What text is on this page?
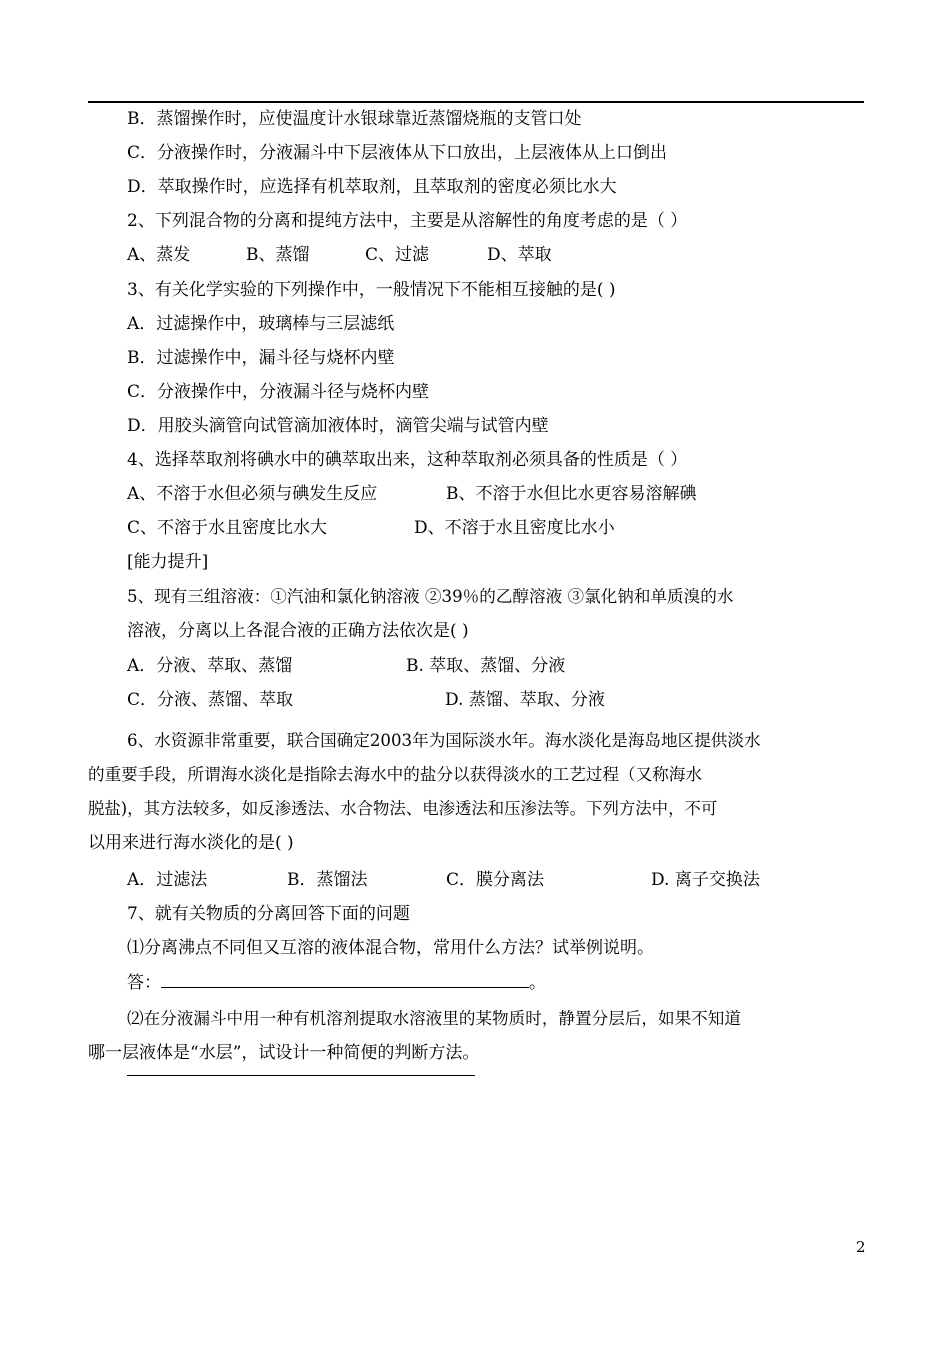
B．蒸馏操作时，应使温度计水银球靠近蒸馏烧瓶的支管口处
C．分液操作时，分液漏斗中下层液体从下口放出，上层液体从上口倒出
D．萃取操作时，应选择有机萃取剂，且萃取剂的密度必须比水大
2、下列混合物的分离和提纯方法中，主要是从溶解性的角度考虑的是（ ）
A、蒸发	B、蒸馏	C、过滤	D、萃取
3、有关化学实验的下列操作中，一般情况下不能相互接触的是( )
A．过滤操作中，玻璃棒与三层滤纸
B．过滤操作中，漏斗径与烧杯内壁
C．分液操作中，分液漏斗径与烧杯内壁
D．用胶头滴管向试管滴加液体时，滴管尖端与试管内壁
4、选择萃取剂将碘水中的碘萃取出来，这种萃取剂必须具备的性质是（ ）
A、不溶于水但必须与碘发生反应	B、不溶于水但比水更容易溶解碘
C、不溶于水且密度比水大	D、不溶于水且密度比水小
[能力提升]
5、现有三组溶液：①汽油和氯化钠溶液 ②39％的乙醇溶液 ③氯化钠和单质溴的水
溶液，分离以上各混合液的正确方法依次是( )
A．分液、萃取、蒸馏	B. 萃取、蒸馏、分液
C．分液、蒸馏、萃取	D. 蒸馏、萃取、分液
6、水资源非常重要，联合国确定2003年为国际淡水年。海水淡化是海岛地区提供淡水
的重要手段，所谓海水淡化是指除去海水中的盐分以获得淡水的工艺过程（又称海水
脱盐)，其方法较多，如反渗透法、水合物法、电渗透法和压渗法等。下列方法中，不可
以用来进行海水淡化的是( )
A．过滤法	B．蒸馏法	C．膜分离法	D. 离子交换法
7、就有关物质的分离回答下面的问题
⑴分离沸点不同但又互溶的液体混合物，常用什么方法？试举例说明。
答：	。
⑵在分液漏斗中用一种有机溶剂提取水溶液里的某物质时，静置分层后，如果不知道
哪一层液体是“水层”，试设计一种简便的判断方法。
2
